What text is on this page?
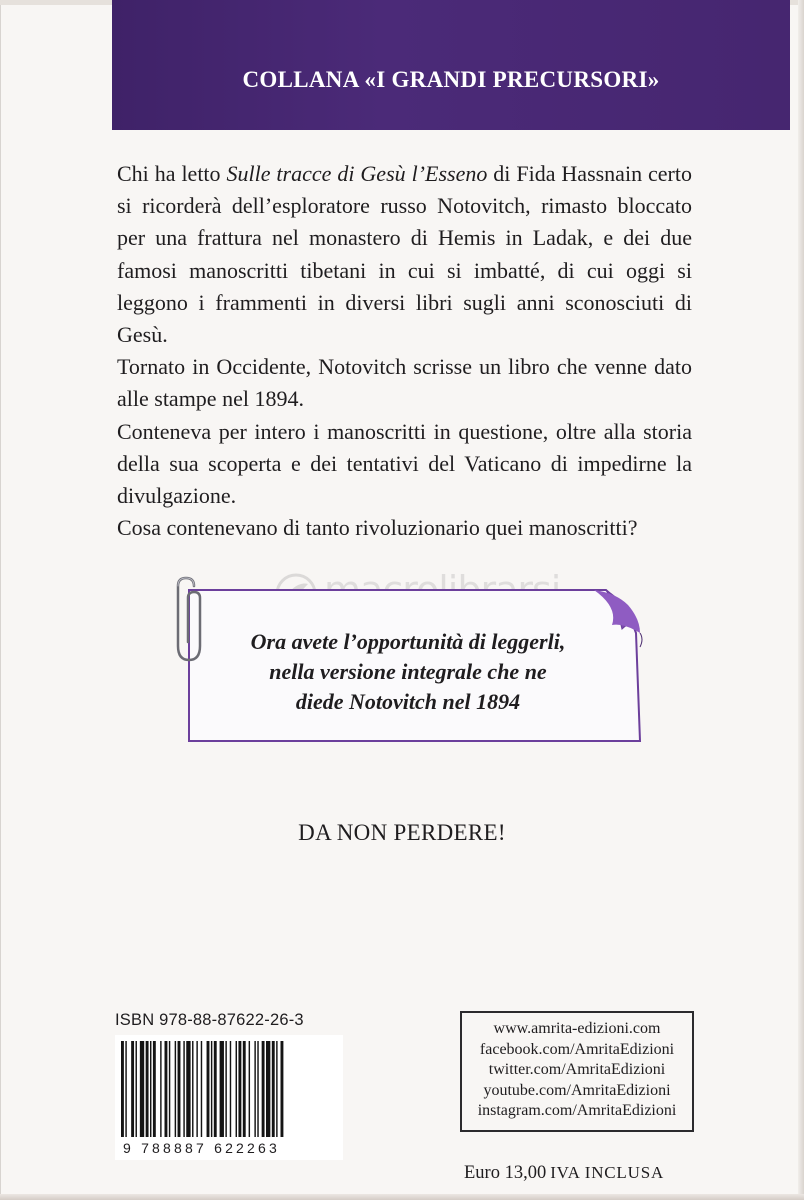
COLLANA «I GRANDI PRECURSORI»

Chi ha letto Sulle tracce di Gesù l’Esseno di Fida Hassnain certo si ricorderà dell’esploratore russo Notovitch, rimasto bloccato per una frattura nel monastero di Hemis in Ladak, e dei due famosi manoscritti tibetani in cui si imbatté, di cui oggi si leggono i frammenti in diversi libri sugli anni sconosciuti di Gesù.

Tornato in Occidente, Notovitch scrisse un libro che venne dato alle stampe nel 1894.

Conteneva per intero i manoscritti in questione, oltre alla storia della sua scoperta e dei tentativi del Vaticano di impedirne la divulgazione.

Cosa contenevano di tanto rivoluzionario quei manoscritti?

Ora avete l’opportunità di leggerli,
nella versione integrale che ne
diede Notovitch nel 1894
DA NON PERDERE!
ISBN 978-88-87622-26-3
9 788887 622263
www.amrita-edizioni.com
facebook.com/AmritaEdizioni
twitter.com/AmritaEdizioni
youtube.com/AmritaEdizioni
instagram.com/AmritaEdizioni
Euro 13,00 IVA INCLUSA
